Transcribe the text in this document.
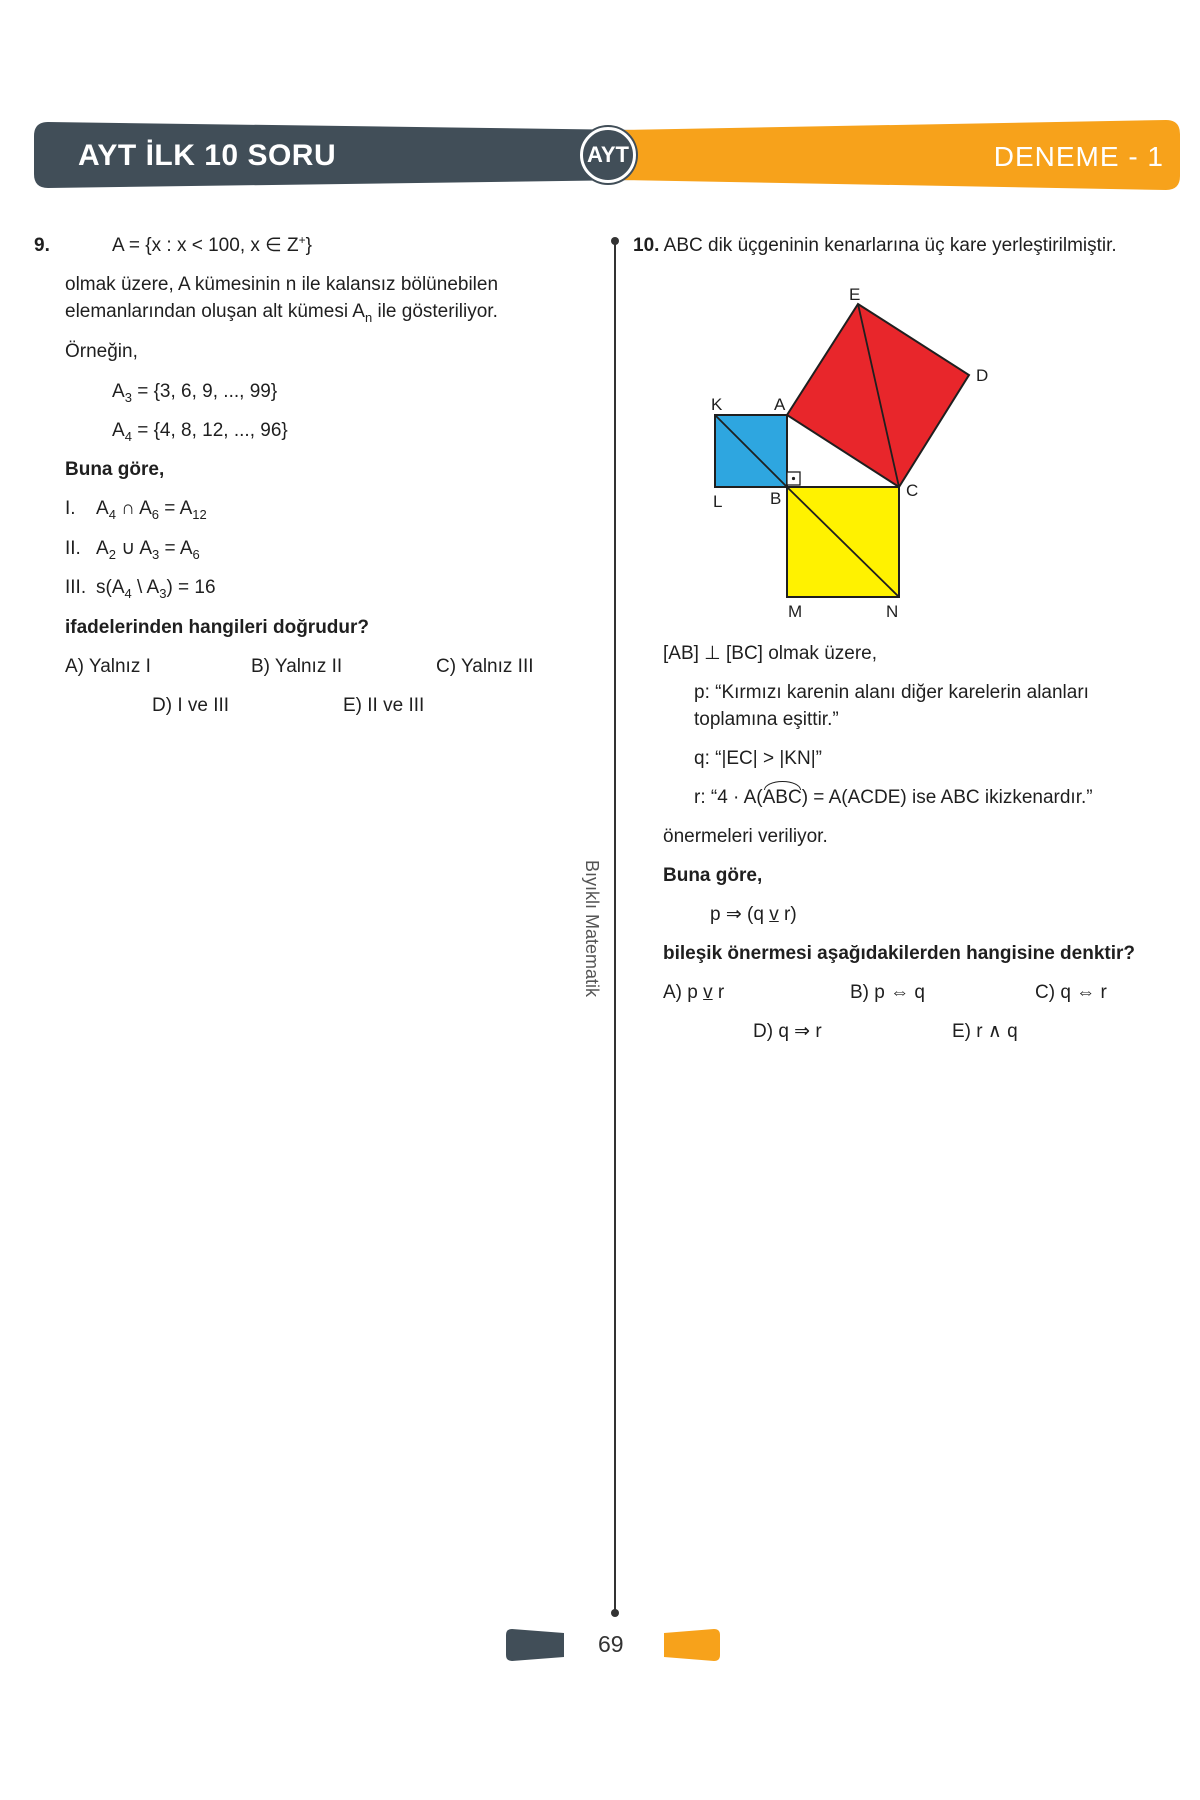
AYT İLK 10 SORU	AYT	DENEME - 1
9.	A = {x : x < 100, x ∈ Z+}
olmak üzere, A kümesinin n ile kalansız bölünebilen
elemanlarından oluşan alt kümesi $A_n$ ile gösteriliyor.
Örneğin,
$A_3 = \{3$, 6, 9, ..., 99}
$A_4 = \{4$, 8, 12, ..., 96}
Buna göre,
I. $A_4$ ∩ $A_6 = A_{12}$
II. $A_2$ ∪ $A_3 = A_6$
III. $s(A_4$ \ $A_3) = 16$
ifadelerinden hangileri doğrudur?
A) Yalnız I	B) Yalnız II	C) Yalnız III
D) I ve III	E) II ve III
Bıyıklı Matematik
10. ABC dik üçgeninin kenarlarına üç kare yerleştirilmiştir.
E
D
K	A
L	B	C
M	N
[AB] ⊥ [BC] olmak üzere,
p: “Kırmızı karenin alanı diğer karelerin alanları
toplamına eşittir.”
q: “|EC| > |KN|”
r: “4 · A(ABC) = A(ACDE) ise ABC ikizkenardır.”
önermeleri veriliyor.
Buna göre,
p ⇒ (q v r)
bileşik önermesi aşağıdakilerden hangisine denktir?
A) p v r	B) p ⇔ q	C) q ⇔ r
D) q ⇒ r	E) r ∧ q
69
